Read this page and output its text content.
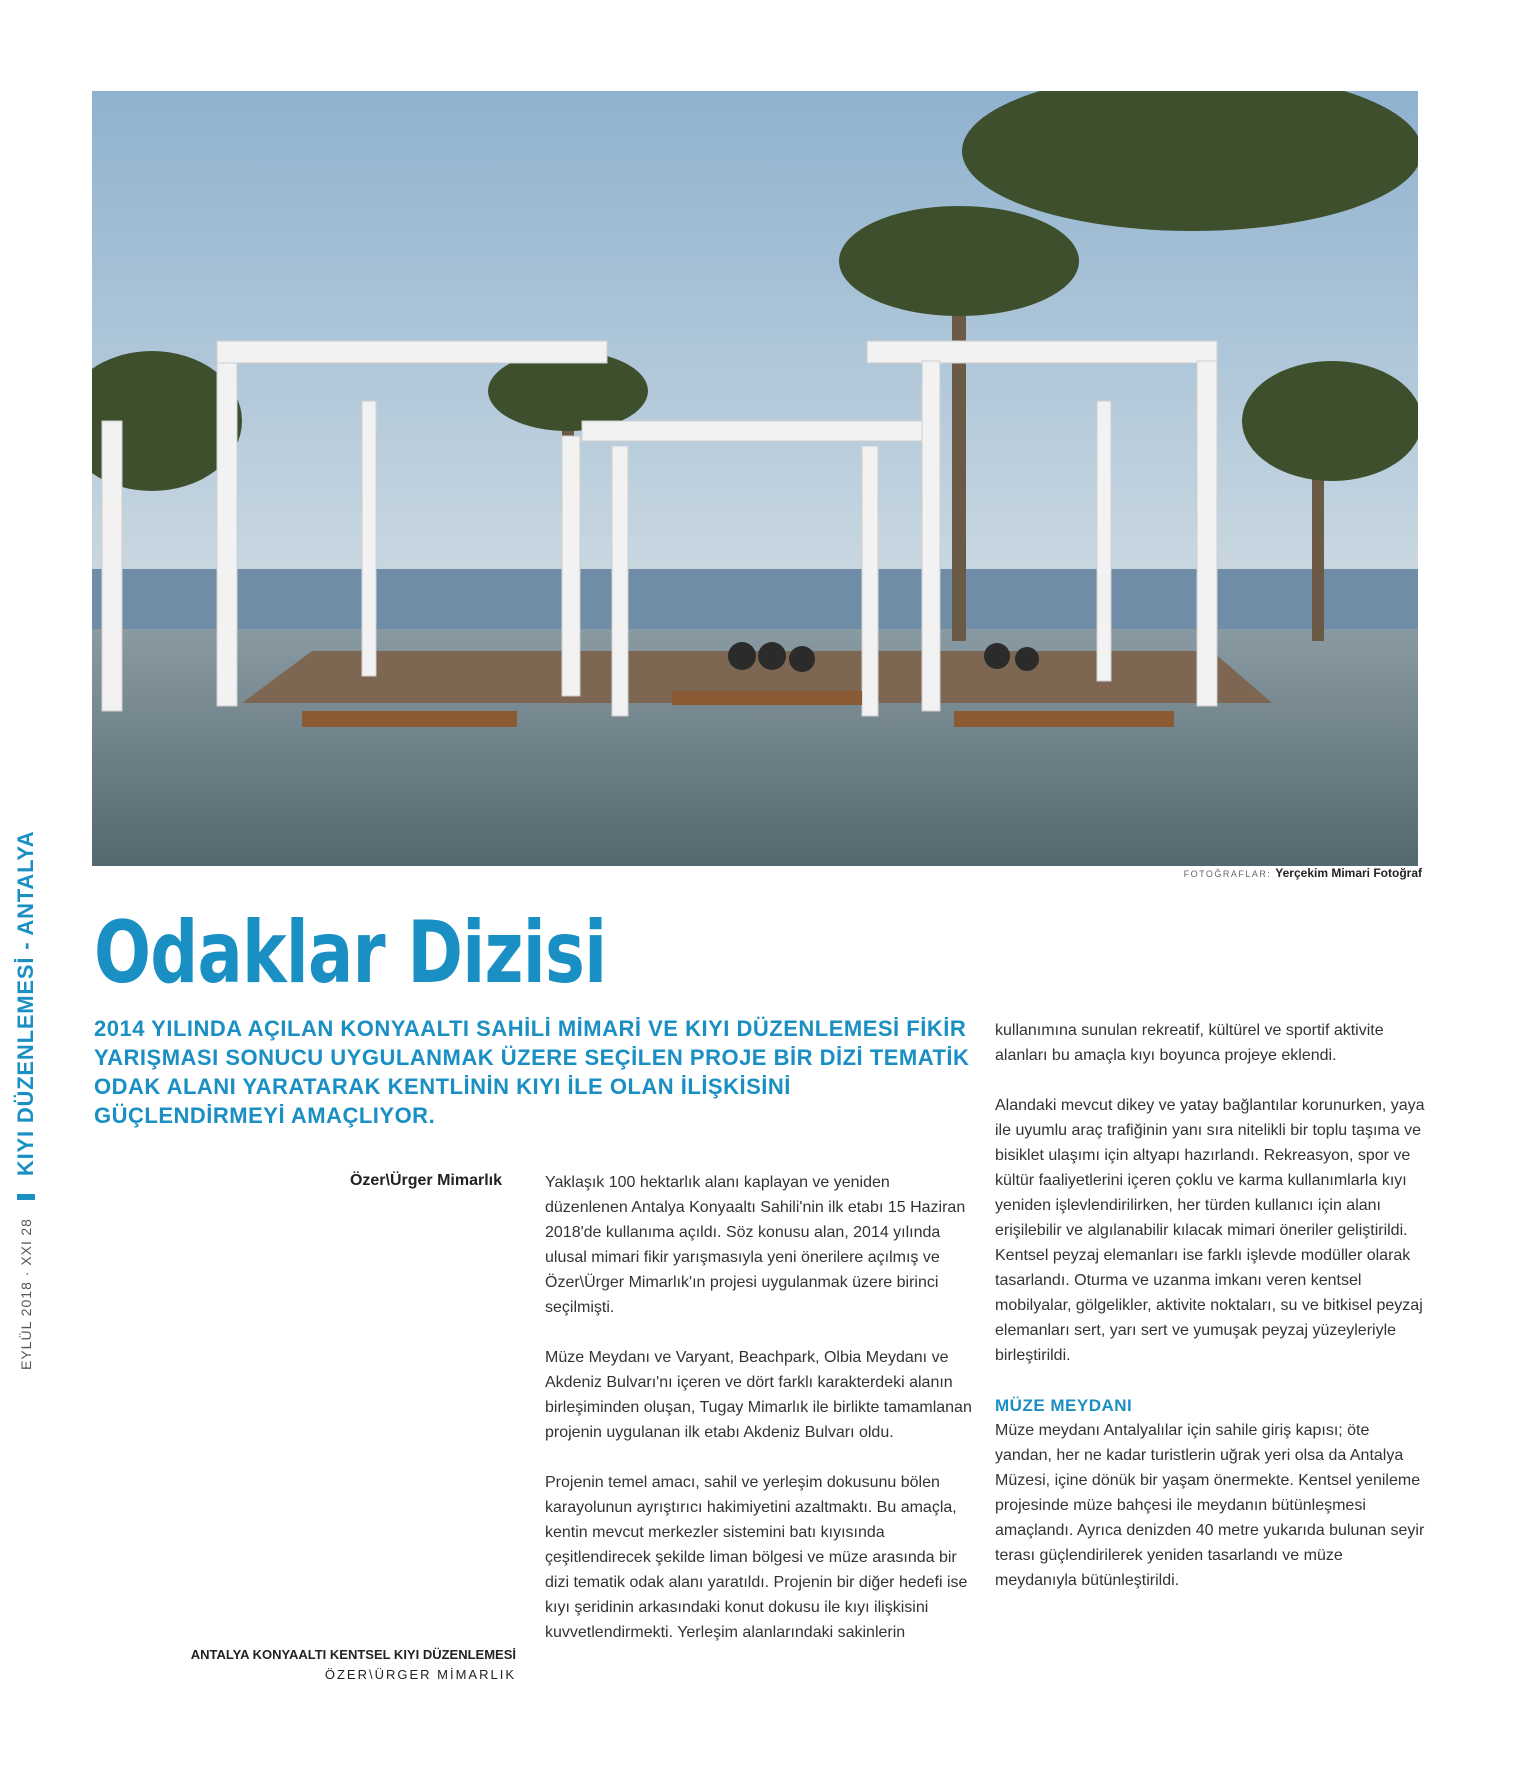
FOTOĞRAFLAR: Yerçekim Mimari Fotoğraf
EYLÜL 2018 · XXI

28
KIYI DÜZENLEMESİ - ANTALYA Odaklar Dizisi
2014 YILINDA AÇILAN KONYAALTI SAHİLİ MİMARİ VE KIYI DÜZENLEMESİ FİKİR YARIŞMASI SONUCU UYGULANMAK ÜZERE SEÇİLEN PROJE BİR DİZİ TEMATİK ODAK ALANI YARATARAK KENTLİNİN KIYI İLE OLAN İLİŞKİSİNİ GÜÇLENDİRMEYİ AMAÇLIYOR.
Özer\Ürger Mimarlık
ANTALYA KONYAALTI KENTSEL KIYI DÜZENLEMESİ
ÖZER\ÜRGER MİMARLIK

Yaklaşık 100 hektarlık alanı kaplayan ve yeniden düzenlenen Antalya Konyaaltı Sahili'nin ilk etabı 15 Haziran 2018'de kullanıma açıldı. Söz konusu alan, 2014 yılında ulusal mimari fikir yarışmasıyla yeni önerilere açılmış ve Özer\Ürger Mimarlık'ın projesi uygulanmak üzere birinci seçilmişti.

Müze Meydanı ve Varyant, Beachpark, Olbia Meydanı ve Akdeniz Bulvarı'nı içeren ve dört farklı karakterdeki alanın birleşiminden oluşan, Tugay Mimarlık ile birlikte tamamlanan projenin uygulanan ilk etabı Akdeniz Bulvarı oldu.

Projenin temel amacı, sahil ve yerleşim dokusunu bölen karayolunun ayrıştırıcı hakimiyetini azaltmaktı. Bu amaçla, kentin mevcut merkezler sistemini batı kıyısında çeşitlendirecek şekilde liman bölgesi ve müze arasında bir dizi tematik odak alanı yaratıldı. Projenin bir diğer hedefi ise kıyı şeridinin arkasındaki konut dokusu ile kıyı ilişkisini kuvvetlendirmekti. Yerleşim alanlarındaki sakinlerin

kullanımına sunulan rekreatif, kültürel ve sportif aktivite alanları bu amaçla kıyı boyunca projeye eklendi.

Alandaki mevcut dikey ve yatay bağlantılar korunurken, yaya ile uyumlu araç trafiğinin yanı sıra nitelikli bir toplu taşıma ve bisiklet ulaşımı için altyapı hazırlandı. Rekreasyon, spor ve kültür faaliyetlerini içeren çoklu ve karma kullanımlarla kıyı yeniden işlevlendirilirken, her türden kullanıcı için alanı erişilebilir ve algılanabilir kılacak mimari öneriler geliştirildi. Kentsel peyzaj elemanları ise farklı işlevde modüller olarak tasarlandı. Oturma ve uzanma imkanı veren kentsel mobilyalar, gölgelikler, aktivite noktaları, su ve bitkisel peyzaj elemanları sert, yarı sert ve yumuşak peyzaj yüzeyleriyle birleştirildi.

MÜZE MEYDANI

Müze meydanı Antalyalılar için sahile giriş kapısı; öte yandan, her ne kadar turistlerin uğrak yeri olsa da Antalya Müzesi, içine dönük bir yaşam önermekte. Kentsel yenileme projesinde müze bahçesi ile meydanın bütünleşmesi amaçlandı. Ayrıca denizden 40 metre yukarıda bulunan seyir terası güçlendirilerek yeniden tasarlandı ve müze meydanıyla bütünleştirildi.
